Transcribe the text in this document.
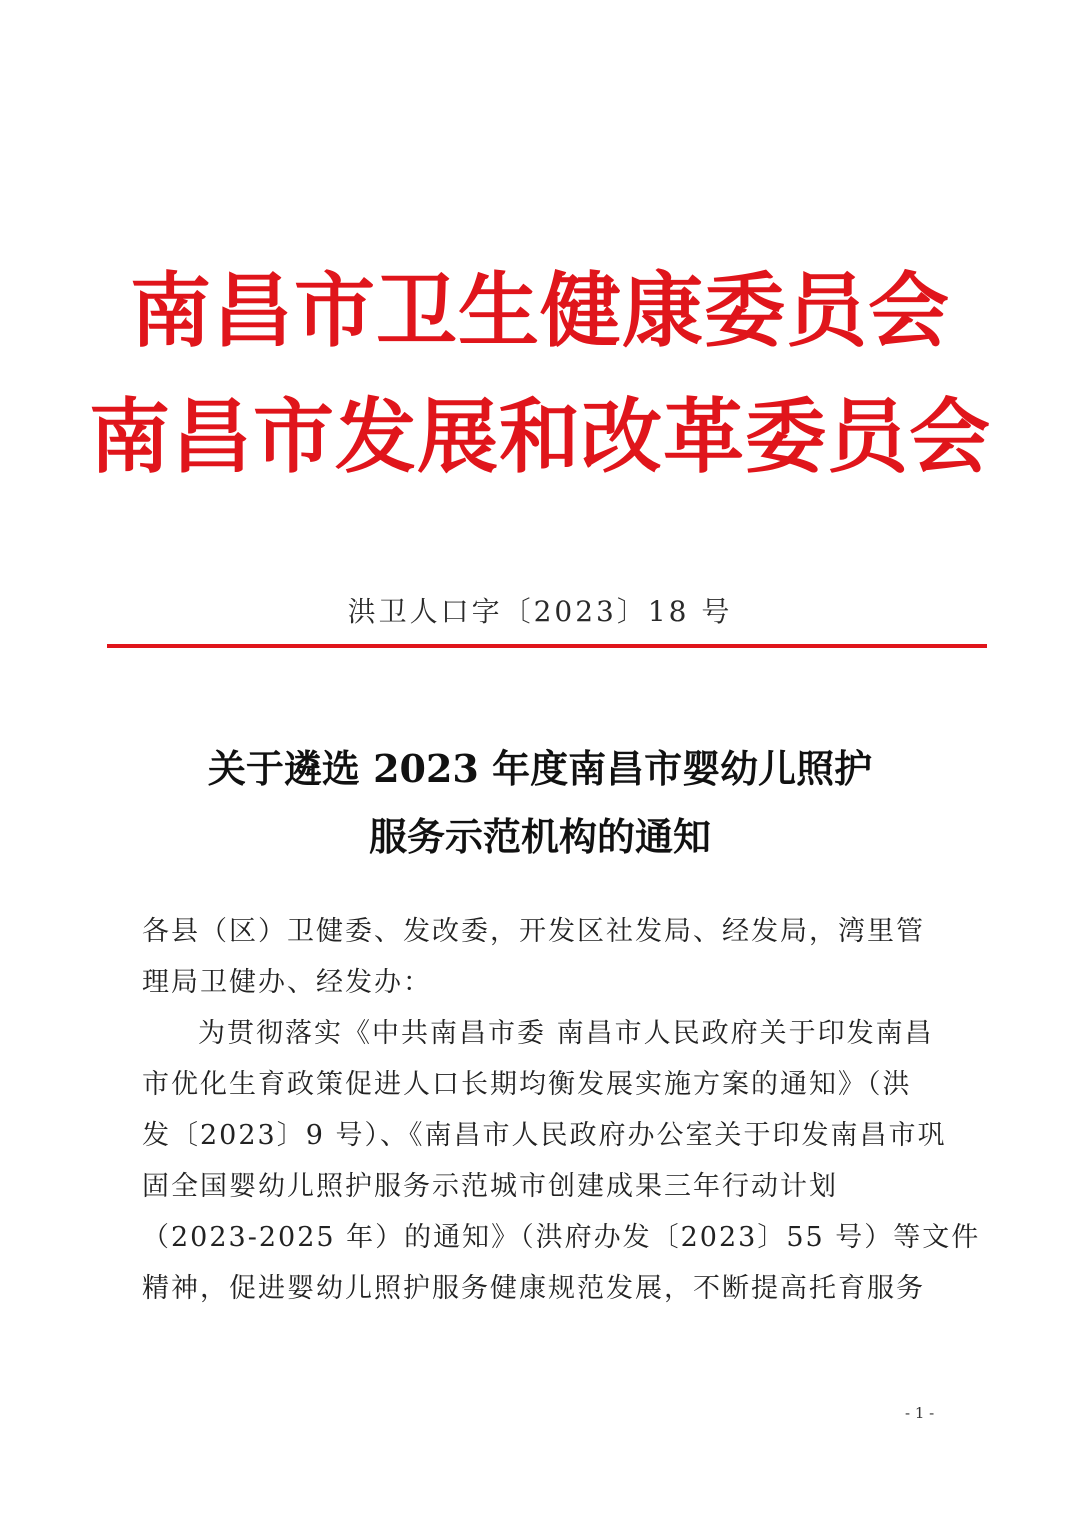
南昌市卫生健康委员会
南昌市发展和改革委员会
洪卫人口字〔2023〕18 号
关于遴选 2023 年度南昌市婴幼儿照护
服务示范机构的通知
各县（区）卫健委、发改委，开发区社发局、经发局，湾里管
理局卫健办、经发办：
为贯彻落实《中共南昌市委 南昌市人民政府关于印发南昌
市优化生育政策促进人口长期均衡发展实施方案的通知》（洪
发〔2023〕9 号）、《南昌市人民政府办公室关于印发南昌市巩
固全国婴幼儿照护服务示范城市创建成果三年行动计划
（2023-2025 年）的通知》（洪府办发〔2023〕55 号）等文件
精神，促进婴幼儿照护服务健康规范发展，不断提高托育服务
- 1 -
